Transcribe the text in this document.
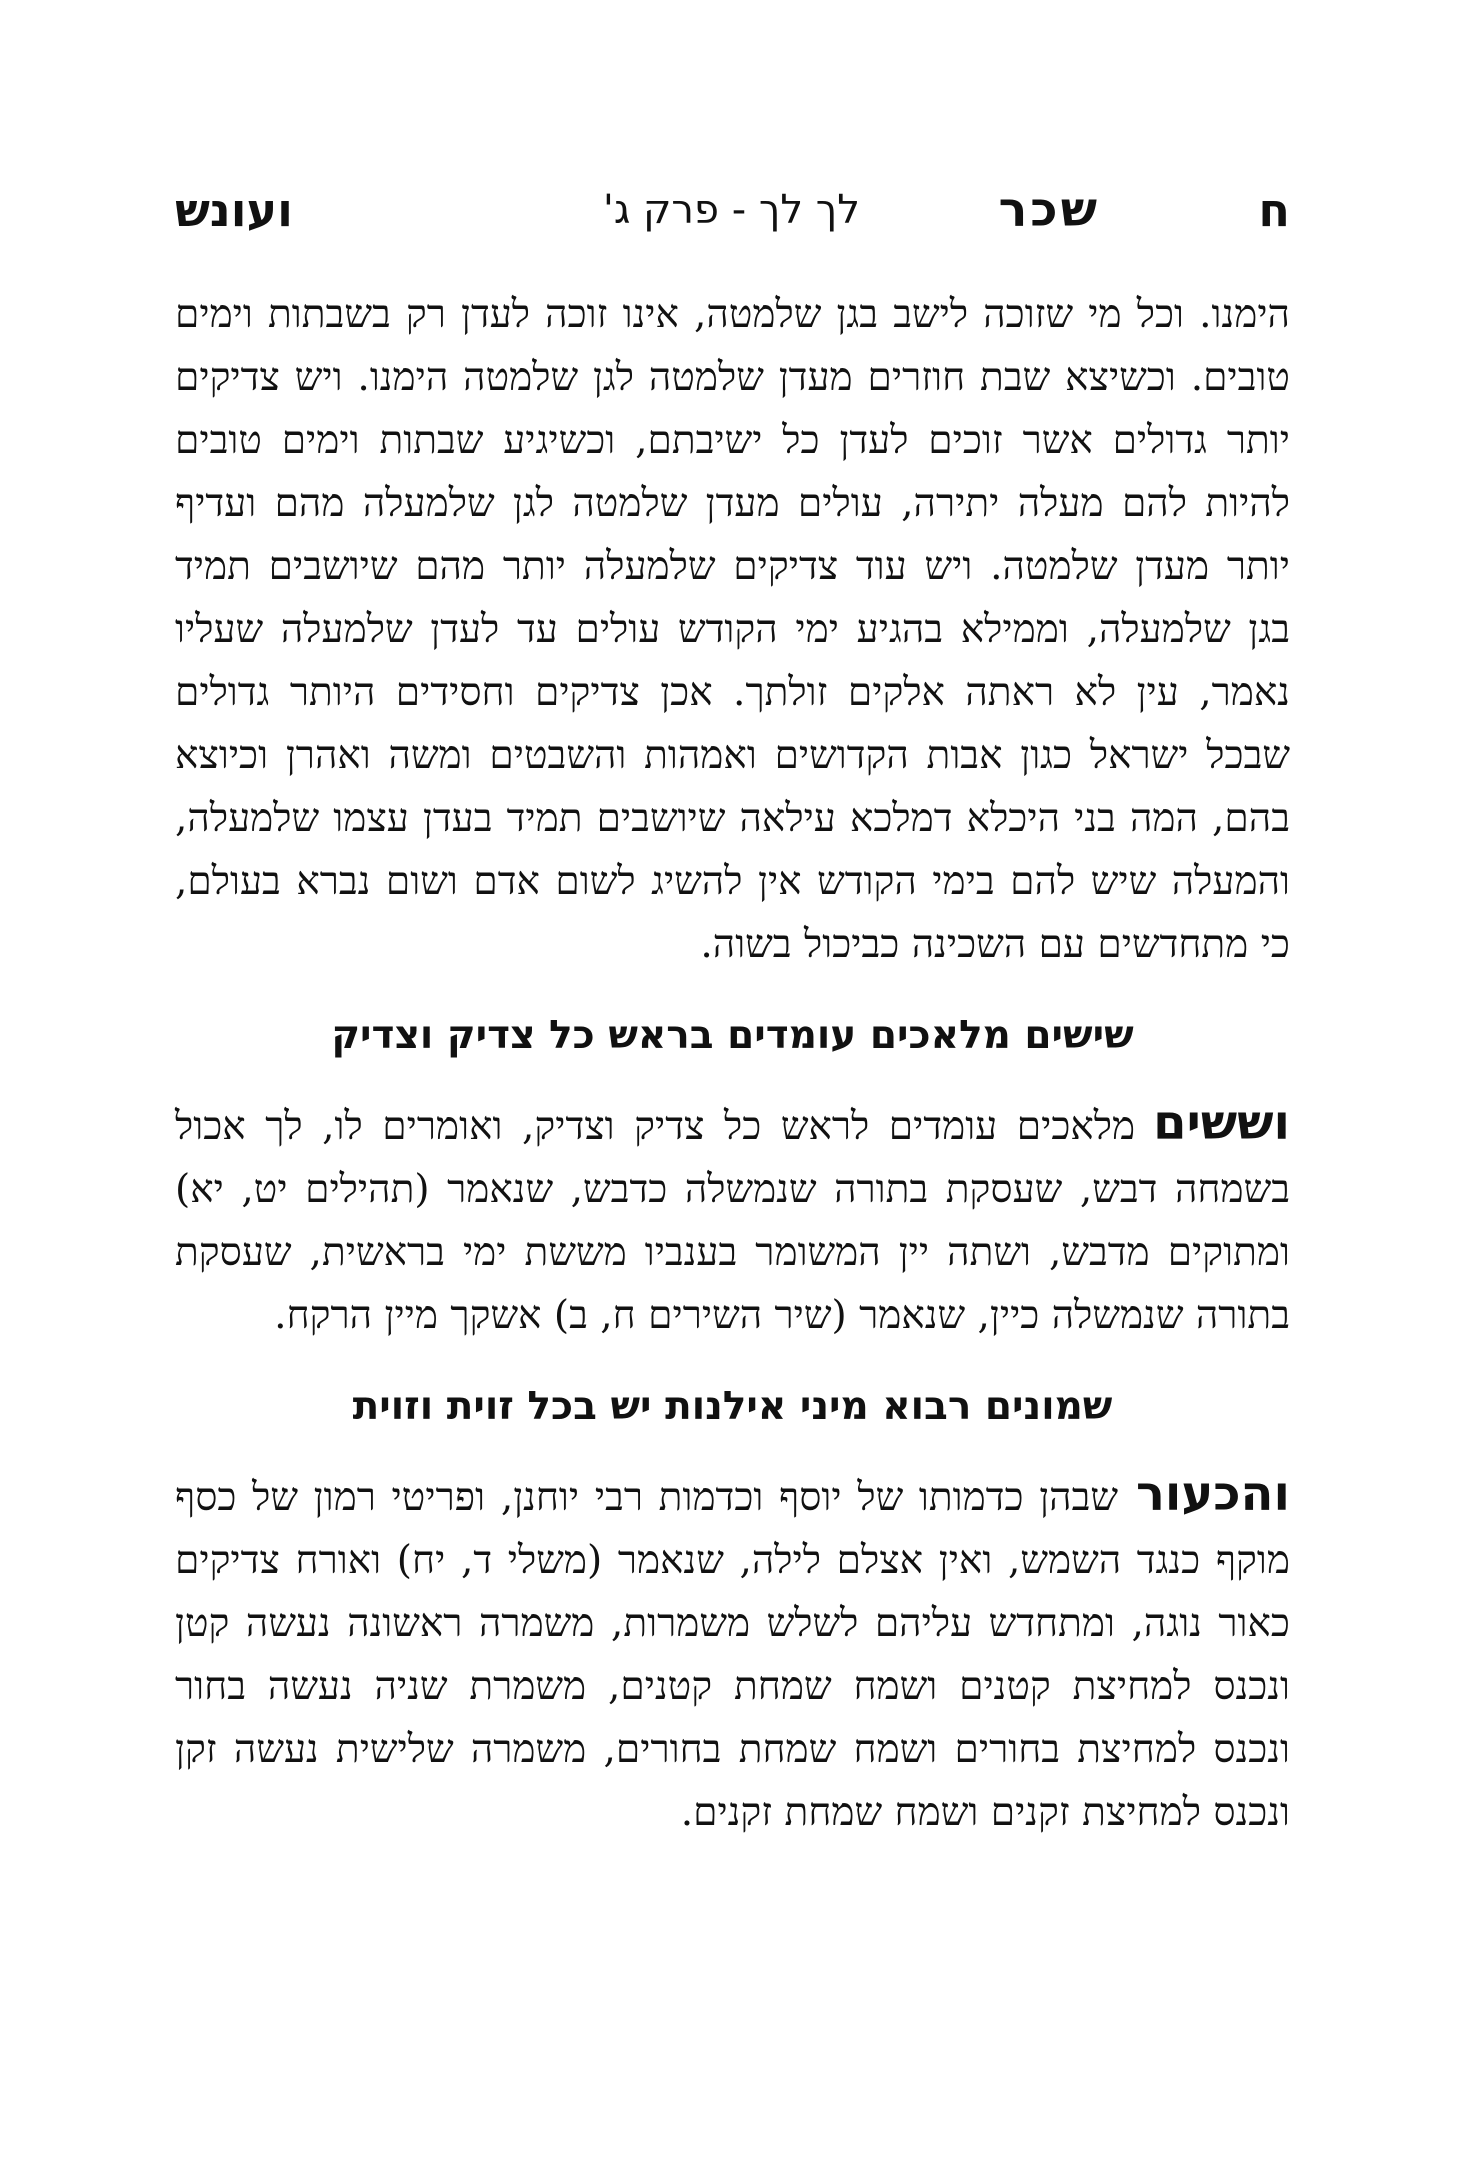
ח
שכר
לך לך - פרק ג'
ועונש

הימנו. וכל מי שזוכה לישב בגן שלמטה, אינו זוכה לעדן רק בשבתות וימים טובים. וכשיצא שבת חוזרים מעדן שלמטה לגן שלמטה הימנו. ויש צדיקים יותר גדולים אשר זוכים לעדן כל ישיבתם, וכשיגיע שבתות וימים טובים להיות להם מעלה יתירה, עולים מעדן שלמטה לגן שלמעלה מהם ועדיף יותר מעדן שלמטה. ויש עוד צדיקים שלמעלה יותר מהם שיושבים תמיד בגן שלמעלה, וממילא בהגיע ימי הקודש עולים עד לעדן שלמעלה שעליו נאמר, עין לא ראתה אלקים זולתך. אכן צדיקים וחסידים היותר גדולים שבכל ישראל כגון אבות הקדושים ואמהות והשבטים ומשה ואהרן וכיוצא בהם, המה בני היכלא דמלכא עילאה שיושבים תמיד בעדן עצמו שלמעלה, והמעלה שיש להם בימי הקודש אין להשיג לשום אדם ושום נברא בעולם, כי מתחדשים עם השכינה כביכול בשוה.

שישים מלאכים עומדים בראש כל צדיק וצדיק

וששיםמלאכים עומדים לראש כל צדיק וצדיק, ואומרים לו, לך אכול בשמחה דבש, שעסקת בתורה שנמשלה כדבש, שנאמר (תהילים יט, יא) ומתוקים מדבש, ושתה יין המשומר בענביו מששת ימי בראשית, שעסקת בתורה שנמשלה כיין, שנאמר (שיר השירים ח, ב) אשקך מיין הרקח.

שמונים רבוא מיני אילנות יש בכל זוית וזוית

והכעורשבהן כדמותו של יוסף וכדמות רבי יוחנן, ופריטי רמון של כסף מוקף כנגד השמש, ואין אצלם לילה, שנאמר (משלי ד, יח) ואורח צדיקים כאור נוגה, ומתחדש עליהם לשלש משמרות, משמרה ראשונה נעשה קטן ונכנס למחיצת קטנים ושמח שמחת קטנים, משמרת שניה נעשה בחור ונכנס למחיצת בחורים ושמח שמחת בחורים, משמרה שלישית נעשה זקן ונכנס למחיצת זקנים ושמח שמחת זקנים.
